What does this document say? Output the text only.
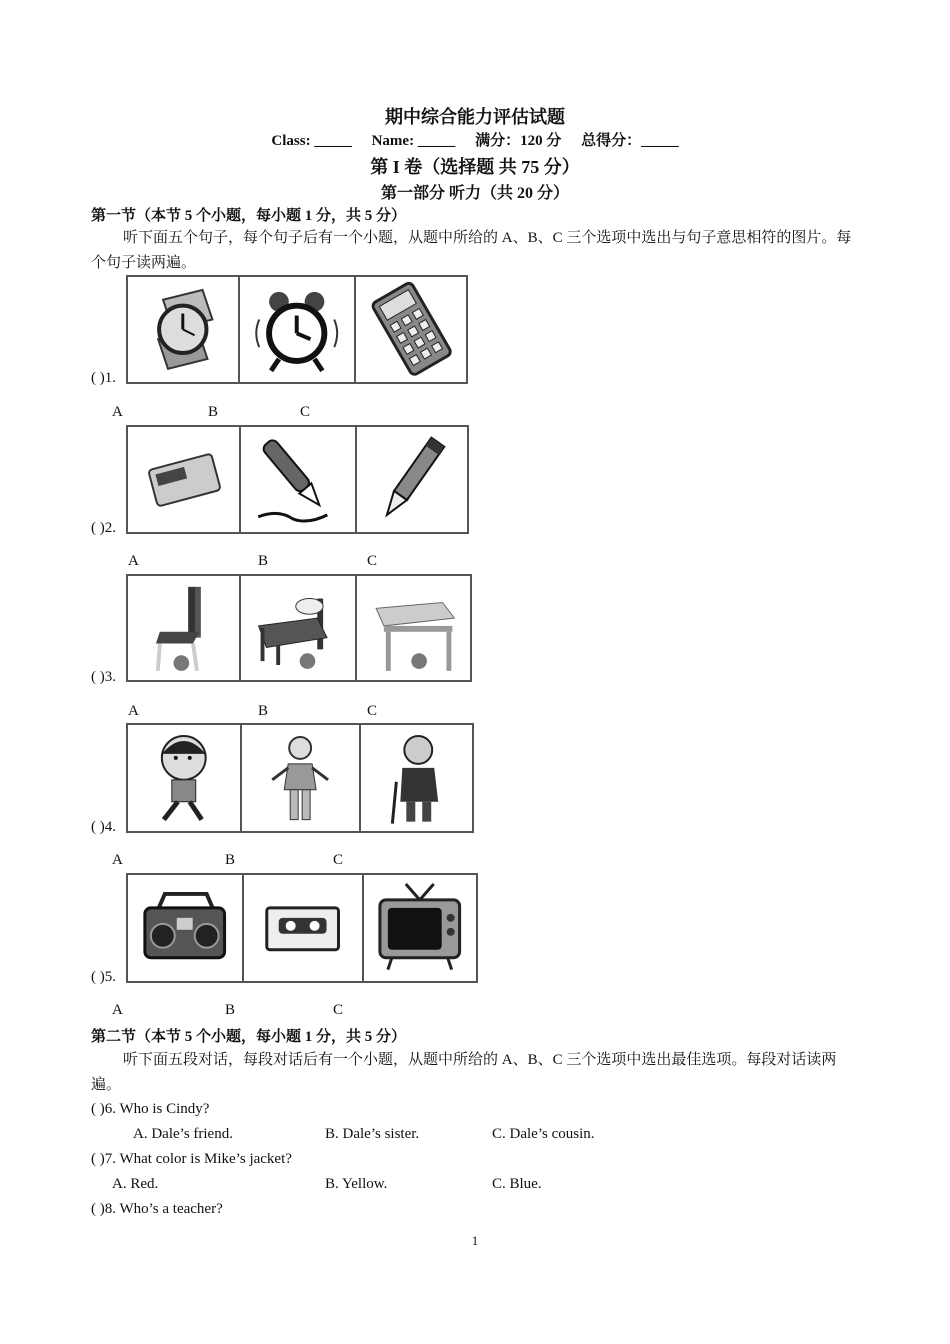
期中综合能力评估试题
Class: _____ Name: _____ 满分：120 分 总得分：_____
第 I 卷（选择题 共 75 分）
第一部分 听力（共 20 分）
第一节（本节 5 个小题，每小题 1 分，共 5 分）
听下面五个句子，每个句子后有一个小题，从题中所给的 A、B、C 三个选项中选出与句子意思相符的图片。每个句子读两遍。
( )1.
A	B	C
( )2.
A	B	C
( )3.
A	B	C
( )4.
A	B	C
( )5.
A	B	C
第二节（本节 5 个小题，每小题 1 分，共 5 分）
听下面五段对话，每段对话后有一个小题，从题中所给的 A、B、C 三个选项中选出最佳选项。每段对话读两遍。
( )6. Who is Cindy?
A. Dale’s friend.	B. Dale’s sister.	C. Dale’s cousin.
( )7. What color is Mike’s jacket?
A. Red.	B. Yellow.	C. Blue.
( )8. Who’s a teacher?
1
